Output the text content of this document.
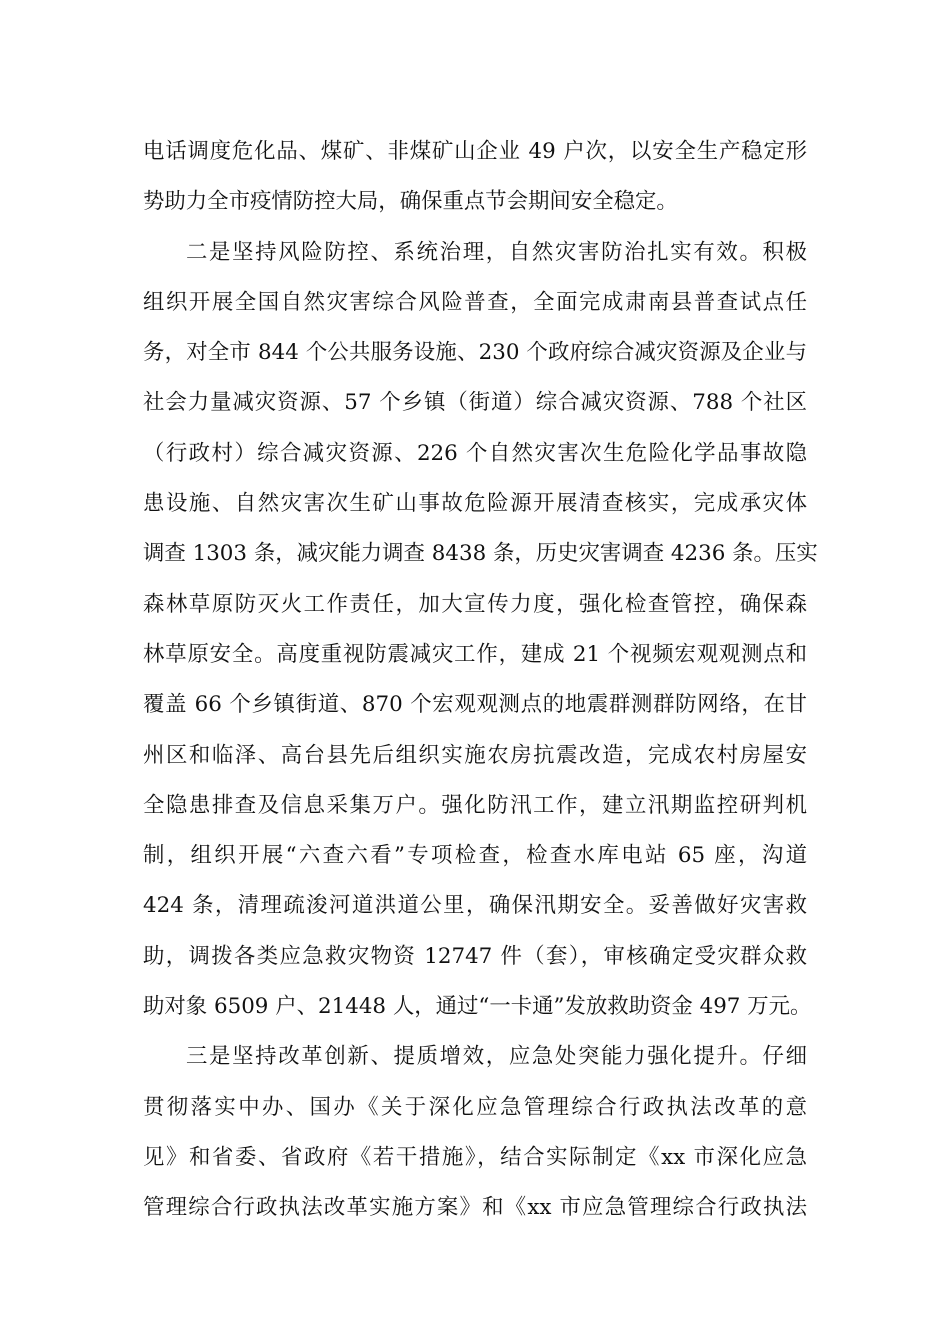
电话调度危化品、煤矿、非煤矿山企业 49 户次，以安全生产稳定形
势助力全市疫情防控大局，确保重点节会期间安全稳定。
二是坚持风险防控、系统治理，自然灾害防治扎实有效。积极
组织开展全国自然灾害综合风险普查，全面完成肃南县普查试点任
务，对全市 844 个公共服务设施、230 个政府综合减灾资源及企业与
社会力量减灾资源、57 个乡镇（街道）综合减灾资源、788 个社区
（行政村）综合减灾资源、226 个自然灾害次生危险化学品事故隐
患设施、自然灾害次生矿山事故危险源开展清查核实，完成承灾体
调查 1303 条，减灾能力调查 8438 条，历史灾害调查 4236 条。压实
森林草原防灭火工作责任，加大宣传力度，强化检查管控，确保森
林草原安全。高度重视防震减灾工作，建成 21 个视频宏观观测点和
覆盖 66 个乡镇街道、870 个宏观观测点的地震群测群防网络，在甘
州区和临泽、高台县先后组织实施农房抗震改造，完成农村房屋安
全隐患排查及信息采集万户。强化防汛工作，建立汛期监控研判机
制，组织开展“六查六看”专项检查，检查水库电站 65 座，沟道
424 条，清理疏浚河道洪道公里，确保汛期安全。妥善做好灾害救
助，调拨各类应急救灾物资 12747 件（套），审核确定受灾群众救
助对象 6509 户、21448 人，通过“一卡通”发放救助资金 497 万元。
三是坚持改革创新、提质增效，应急处突能力强化提升。仔细
贯彻落实中办、国办《关于深化应急管理综合行政执法改革的意
见》和省委、省政府《若干措施》，结合实际制定《xx 市深化应急
管理综合行政执法改革实施方案》和《xx 市应急管理综合行政执法
